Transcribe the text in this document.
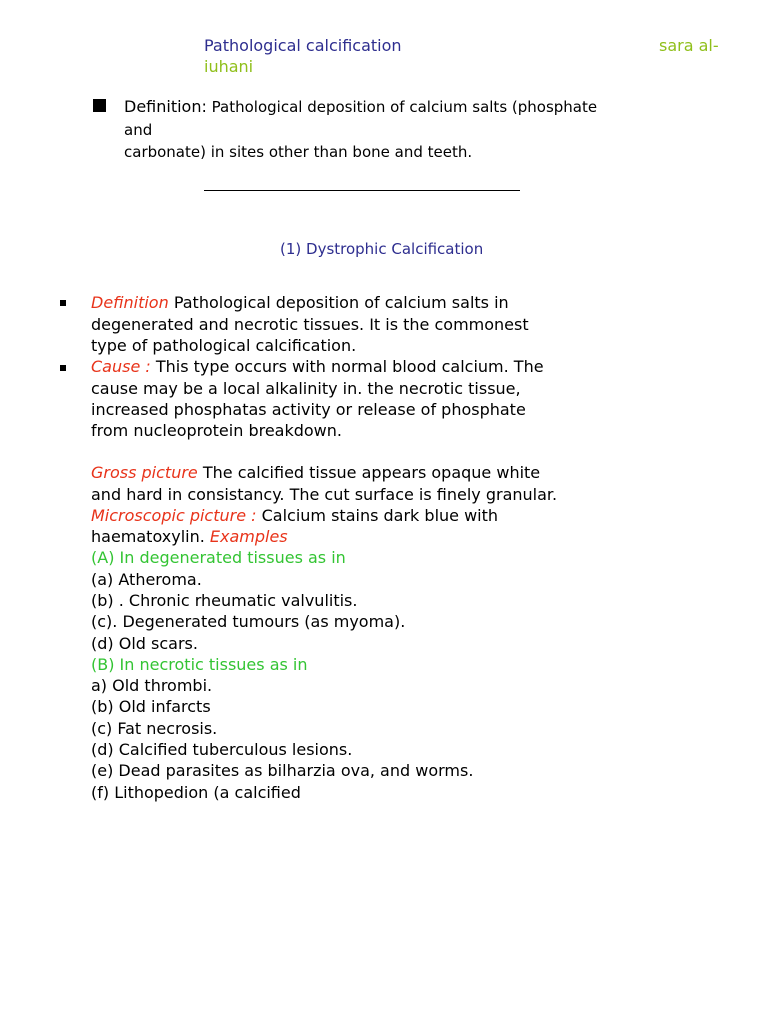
Pathological calcification	sara al-
iuhani
Definition: Pathological deposition of calcium salts (phosphate
and
carbonate) in sites other than bone and teeth.
(1) Dystrophic Calcification
Definition Pathological deposition of calcium salts in
degenerated and necrotic tissues. It is the commonest
type of pathological calcification.
Cause : This type occurs with normal blood calcium. The
cause may be a local alkalinity in. the necrotic tissue,
increased phosphatas activity or release of phosphate
from nucleoprotein breakdown.
Gross picture The calcified tissue appears opaque white
and hard in consistancy. The cut surface is finely granular.
Microscopic picture : Calcium stains dark blue with
haematoxylin. Examples
(A) In degenerated tissues as in
(a) Atheroma.
(b) . Chronic rheumatic valvulitis.
(c). Degenerated tumours (as myoma).
(d) Old scars.
(B) In necrotic tissues as in
a) Old thrombi.
(b) Old infarcts
(c) Fat necrosis.
(d) Calcified tuberculous lesions.
(e) Dead parasites as bilharzia ova, and worms.
(f) Lithopedion (a calcified
